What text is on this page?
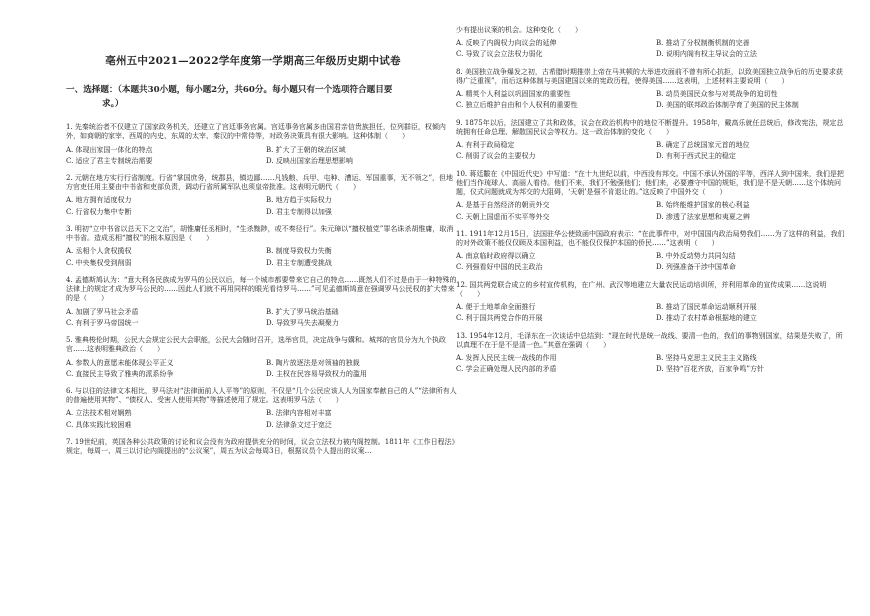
亳州五中2021—2022学年度第一学期高三年级历史期中试卷
一、选择题：（本题共30小题，每小题2分，共60分。每小题只有一个选项符合题目要
求。）
1. 先秦统治者不仅建立了国家政务机关，还建立了宫廷事务官属。宫廷事务官属多由国君亲信贵族担任，位列群臣，权倾内外，如商朝的家宰、西周的内史、东周的太宰、秦汉的中常侍等，对政务决策具有很大影响。这种体制（　　）
A. 体现出家国一体化的特点	B. 扩大了王朝的统治区域
C. 适应了君主专制统治需要	D. 反映出国家治理思想影响
2. 元朝在地方实行行省制度。行省“掌国庶务，统郡县，镇边鄙……凡钱粮、兵甲、屯种、漕运、军国重事，无不领之”，但地方官吏任用主要由中书省和吏部负责，调动行省所属军队也须皇帝批准。这表明元朝代（　　）
A. 地方拥有适度权力	B. 地方趋于实际权力
C. 行省权力集中专断	D. 君主专制得以加强
3. 明初“立中书省以总天下之文治”，胡惟庸任丞相时，“生杀黜陟，或不奏径行”。朱元璋以“擅权植党”罪名诛杀胡惟庸，取消中书省。造成丞相“擅权”的根本原因是（　　）
A. 丞相个人贪权揽权	B. 制度导致权力失衡
C. 中央集权受到削弱	D. 君主专制遭受挑战
4. 孟德斯鸠认为：“意大利各民族成为罗马的公民以后，每一个城市都要带来它自己的特点……既然人们不过是由于一种特殊的法律上的规定才成为罗马公民的……因此人们就不再用同样的眼光看待罗马……”可见孟德斯鸠意在强调罗马公民权的扩大带来的是（　　）
A. 加剧了罗马社会矛盾	B. 扩大了罗马统治基础
C. 有利于罗马帝国统一	D. 导致罗马失去凝聚力
5. 雅典梭伦时期，公民大会规定公民大会职能，公民大会随时召开，选举官员，决定战争与媾和。城邦的官员分为九个执政官……这表明雅典政治（　　）
A. 参数人的意愿未能体现公平正义	B. 陶片放逐法是对领袖的独裁
C. 直接民主导致了雅典的派系纷争	D. 主权在民容易导致权力的滥用
6. 与以往的法律文本相比，罗马法对“法律面前人人平等”的原则，不仅是“几个公民应该人人为国家奉献自己的人”“法律所有人的普遍使用其物”、“债权人、受害人使用其物”等描述使用了规定。这表明罗马法（　　）
A. 立法技术相对娴熟	B. 法律内容相对丰富
C. 具体实践比较困难	D. 法律条文过于宽泛
7. 19世纪前，英国各种公共政策的讨论和议会没有为政府提供充分的时间，议会立法权力被内阁控制。1811年《工作日程法》规定，每周一、周三以讨论内阁提出的“公议案”，周五为议会每周3日，根据议员个人提出的议案…
少有提出议案的机会。这种变化（　　）
A. 反映了内阁权力向议会的延伸	B. 推动了分权制衡机制的完善
C. 导致了议会立法权力弱化	D. 说明内阁有权主导议会的立法
8. 美国独立战争爆发之初，古希腊时期推崇上帝在马其顿的大举进攻面前不曾有所心抗拒，以致美国独立战争后的历史要求获得广泛重视”，而后这种体制与美国建国以来的宪政历程，使得美国……这表明，上述材料主要说明（　　）
A. 精英个人利益以巩固国家的重要性	B. 动员美国民众参与对英战争的迫切性
C. 独立后维护自由和个人权利的重要性	D. 美国的联邦政治体制孕育了美国的民主体制
9. 1875年以后，法国建立了共和政体，议会在政治机构中的地位不断提升。1958年，戴高乐就任总统后，修改宪法，规定总统拥有任命总理、解散国民议会等权力。这一政治体制的变化（　　）
A. 有利于政局稳定	B. 确定了总统国家元首的地位
C. 削弱了议会的主要权力	D. 有利于西式民主的稳定
10. 蒋廷黻在《中国近代史》中写道：“在十九世纪以前，中西没有邦交。中国不承认外国的平等，西洋人到中国来，我们是把他们当作琉球人、高丽人看待。他们不来，我们不勉强他们；他们来，必要遵守中国的规矩，我们是不是天朝……这个体统问题，仪式问题就成为邦交的大阻碍，‘天朝’是强不肯退让的。”这反映了中国外交（　　）
A. 是基于自然经济的朝贡外交	B. 始终能维护国家的核心利益
C. 天朝上国虚而不实平等外交	D. 渗透了法家思想和夷夏之辨
11. 1911年12月15日，法国驻华公使致函中国政府表示：“在此事件中，对中国国内政治局势我们……为了这样的利益，我们的对外政策不能仅仅顾及本国利益，也不能仅仅保护本国的侨民……”这表明（　　）
A. 南京临时政府得以确立	B. 中外反动势力共同勾结
C. 列强看好中国的民主政治	D. 列强准备干涉中国革命
12. 国共两党联合成立的乡村宣传机构，在广州、武汉等地建立大量农民运动培训所，并利用革命的宣传成果……这说明（　　）
A. 便于土地革命全面推行	B. 推动了国民革命运动顺利开展
C. 利于国共两党合作的开展	D. 推动了农村革命根据地的建立
13. 1954年12月，毛泽东在一次谈话中总结到：“现在时代是统一战线、要清一色的，我们的事物别国家，结果是失败了，所以真理不在于是不是清一色。”其意在强调（　　）
A. 发挥人民民主统一战线的作用	B. 坚持马克思主义民主主义路线
C. 学会正确处理人民内部的矛盾	D. 坚持“百花齐放，百家争鸣”方针
